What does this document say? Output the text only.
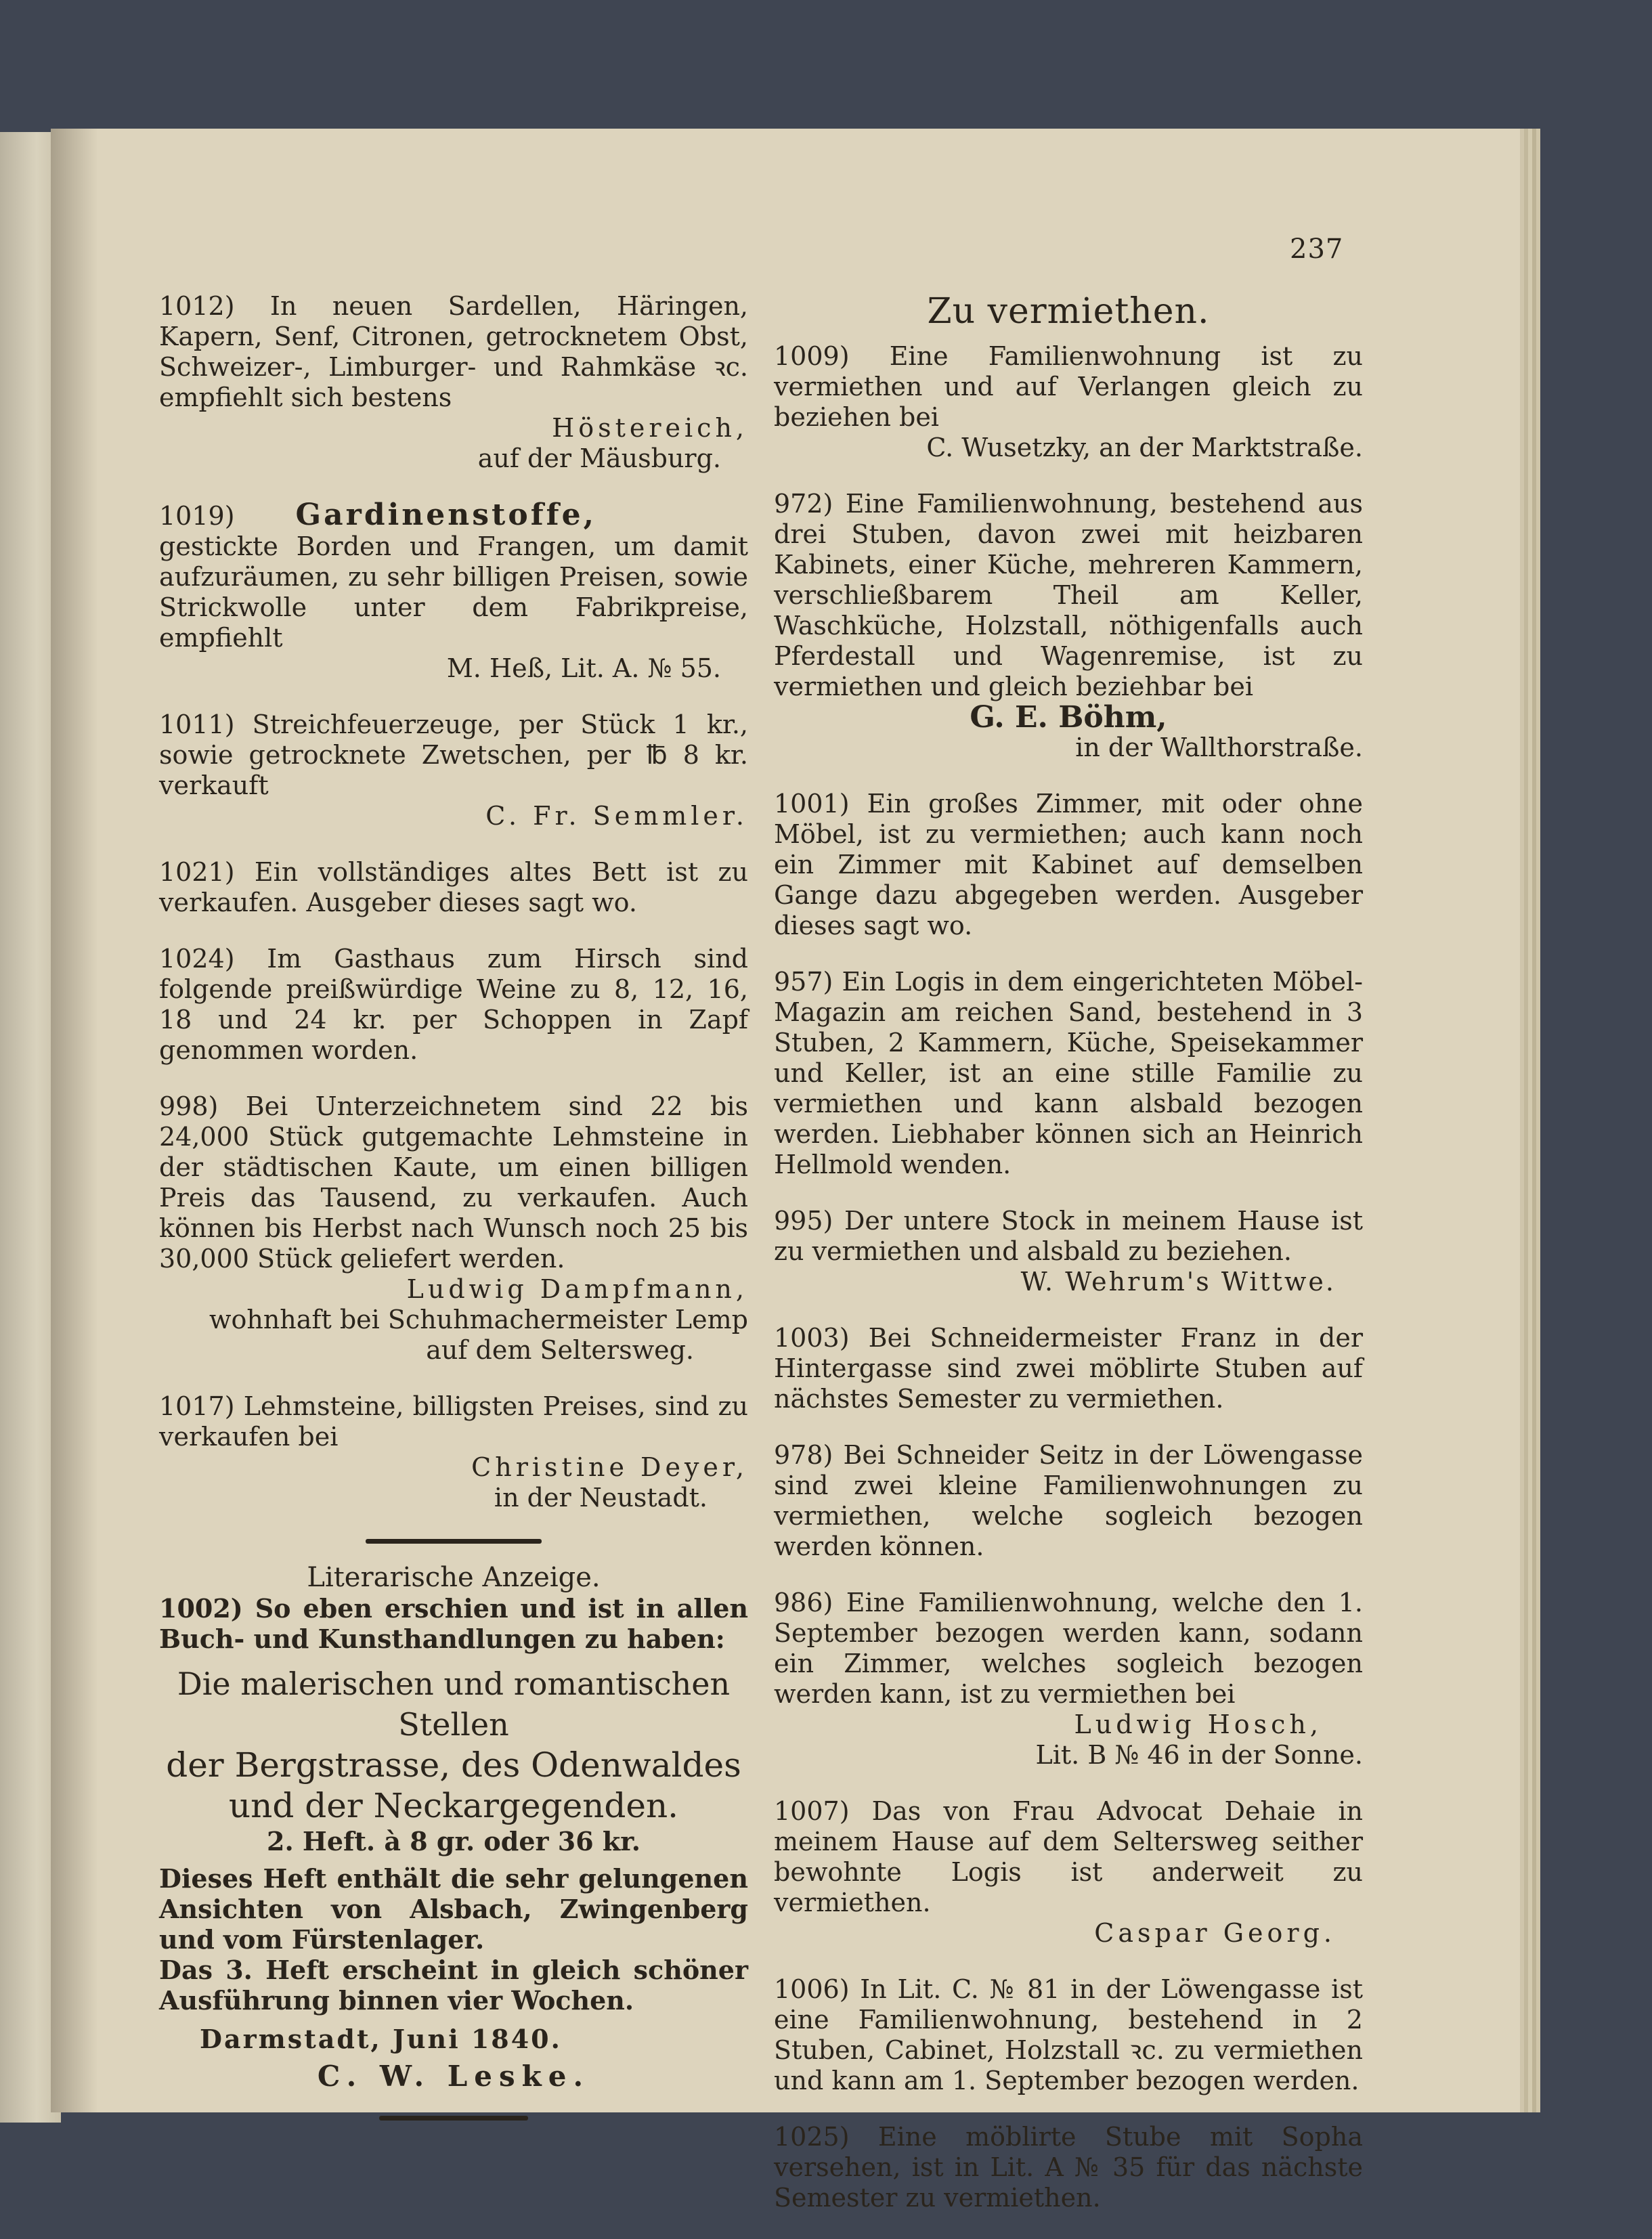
237

1012) In neuen Sardellen, Häringen, Kapern, Senf, Citronen, getrocknetem Obst, Schweizer-, Limburger- und Rahmkäse ꝛc. empfiehlt sich bestens

Höstereich,

auf der Mäusburg.

1019) Gardinenstoffe,

gestickte Borden und Frangen, um damit aufzuräumen, zu sehr billigen Preisen, sowie Strickwolle unter dem Fabrikpreise, empfiehlt

M. Heß, Lit. A. № 55.

1011) Streichfeuerzeuge, per Stück 1 kr., sowie getrocknete Zwetschen, per ℔ 8 kr. verkauft

C. Fr. Semmler.

1021) Ein vollständiges altes Bett ist zu verkaufen. Ausgeber dieses sagt wo.

1024) Im Gasthaus zum Hirsch sind folgende preißwürdige Weine zu 8, 12, 16, 18 und 24 kr. per Schoppen in Zapf genommen worden.

998) Bei Unterzeichnetem sind 22 bis 24,000 Stück gutgemachte Lehmsteine in der städtischen Kaute, um einen billigen Preis das Tausend, zu verkaufen. Auch können bis Herbst nach Wunsch noch 25 bis 30,000 Stück geliefert werden.

Ludwig Dampfmann,

wohnhaft bei Schuhmachermeister Lemp

auf dem Seltersweg.

1017) Lehmsteine, billigsten Preises, sind zu verkaufen bei

Christine Deyer,

in der Neustadt.

Literarische Anzeige.

1002) So eben erschien und ist in allen Buch- und Kunsthandlungen zu haben:

Die malerischen und romantischen Stellen

der Bergstrasse, des Odenwaldes

und der Neckargegenden.

2. Heft. à 8 gr. oder 36 kr.

Dieses Heft enthält die sehr gelungenen Ansichten von Alsbach, Zwingenberg und vom Fürstenlager.

Das 3. Heft erscheint in gleich schöner Ausführung binnen vier Wochen.

Darmstadt, Juni 1840.

C. W. Leske.

Zu vermiethen.

1009) Eine Familienwohnung ist zu vermiethen und auf Verlangen gleich zu beziehen bei

C. Wusetzky, an der Marktstraße.

972) Eine Familienwohnung, bestehend aus drei Stuben, davon zwei mit heizbaren Kabinets, einer Küche, mehreren Kammern, verschließbarem Theil am Keller, Waschküche, Holzstall, nöthigenfalls auch Pferdestall und Wagenremise, ist zu vermiethen und gleich beziehbar bei

G. E. Böhm,

in der Wallthorstraße.

1001) Ein großes Zimmer, mit oder ohne Möbel, ist zu vermiethen; auch kann noch ein Zimmer mit Kabinet auf demselben Gange dazu abgegeben werden. Ausgeber dieses sagt wo.

957) Ein Logis in dem eingerichteten Möbel-Magazin am reichen Sand, bestehend in 3 Stuben, 2 Kammern, Küche, Speisekammer und Keller, ist an eine stille Familie zu vermiethen und kann alsbald bezogen werden. Liebhaber können sich an Heinrich Hellmold wenden.

995) Der untere Stock in meinem Hause ist zu vermiethen und alsbald zu beziehen.

W. Wehrum's Wittwe.

1003) Bei Schneidermeister Franz in der Hintergasse sind zwei möblirte Stuben auf nächstes Semester zu vermiethen.

978) Bei Schneider Seitz in der Löwengasse sind zwei kleine Familienwohnungen zu vermiethen, welche sogleich bezogen werden können.

986) Eine Familienwohnung, welche den 1. September bezogen werden kann, sodann ein Zimmer, welches sogleich bezogen werden kann, ist zu vermiethen bei

Ludwig Hosch,

Lit. B № 46 in der Sonne.

1007) Das von Frau Advocat Dehaie in meinem Hause auf dem Seltersweg seither bewohnte Logis ist anderweit zu vermiethen.

Caspar Georg.

1006) In Lit. C. № 81 in der Löwengasse ist eine Familienwohnung, bestehend in 2 Stuben, Cabinet, Holzstall ꝛc. zu vermiethen und kann am 1. September bezogen werden.

1025) Eine möblirte Stube mit Sopha versehen, ist in Lit. A № 35 für das nächste Semester zu vermiethen.
